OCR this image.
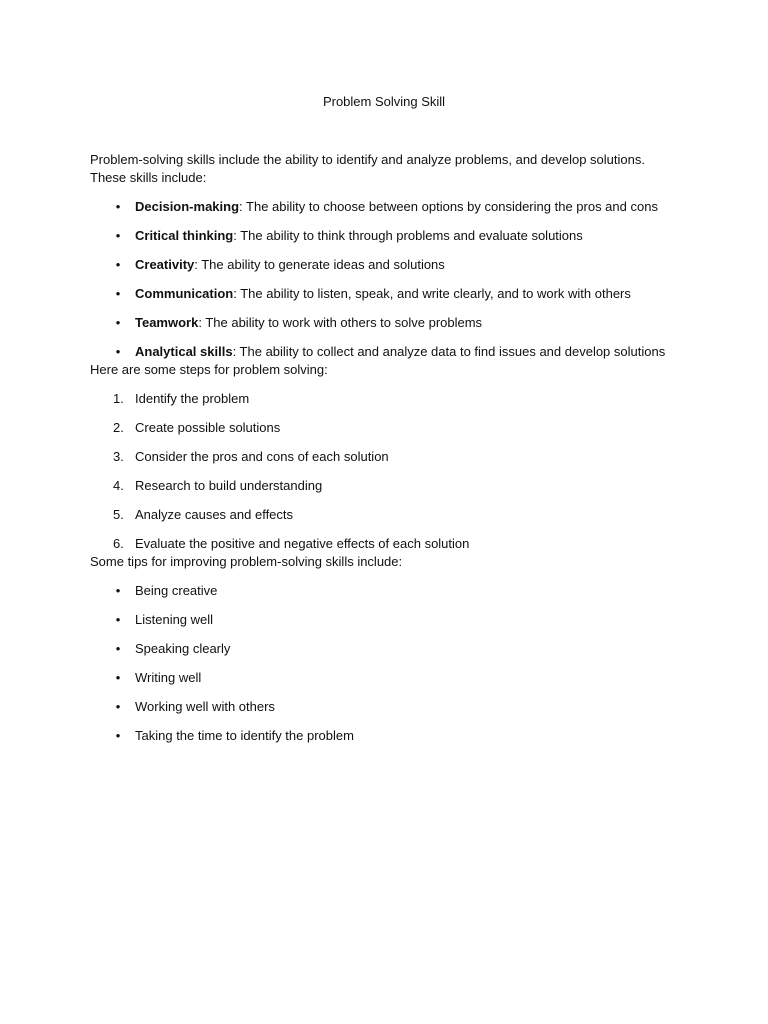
Problem Solving Skill

Problem-solving skills include the ability to identify and analyze problems, and develop solutions. These skills include:

• Decision-making: The ability to choose between options by considering the pros and cons
• Critical thinking: The ability to think through problems and evaluate solutions
• Creativity: The ability to generate ideas and solutions
• Communication: The ability to listen, speak, and write clearly, and to work with others
• Teamwork: The ability to work with others to solve problems
• Analytical skills: The ability to collect and analyze data to find issues and develop solutions

Here are some steps for problem solving:

1. Identify the problem
2. Create possible solutions
3. Consider the pros and cons of each solution
4. Research to build understanding
5. Analyze causes and effects
6. Evaluate the positive and negative effects of each solution

Some tips for improving problem-solving skills include:

• Being creative
• Listening well
• Speaking clearly
• Writing well
• Working well with others
• Taking the time to identify the problem
